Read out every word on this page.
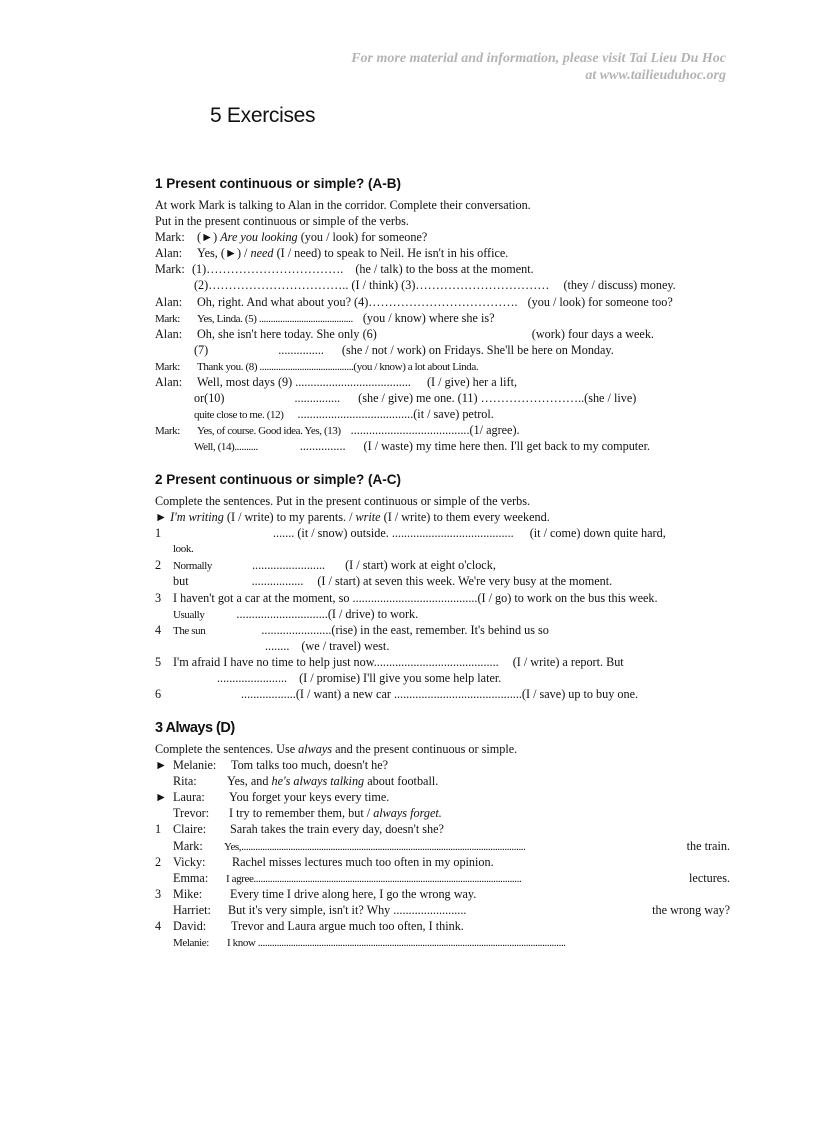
For more material and information, please visit Tai Lieu Du Hoc
at www.tailieuduhoc.org
5 Exercises
1 Present continuous or simple? (A-B)
At work Mark is talking to Alan in the corridor. Complete their conversation.
Put in the present continuous or simple of the verbs.
Mark: (►) Are you looking (you / look) for someone?
Alan: Yes, (►) / need (I / need) to speak to Neil. He isn't in his office.
Mark: (1)……………………………. (he / talk) to the boss at the moment.
(2)…………………………….. (I / think) (3)…………………………… (they / discuss) money.
Alan: Oh, right. And what about you? (4)………………………………. (you / look) for someone too?
Mark: Yes, Linda. (5) ........................................ (you / know) where she is?
Alan: Oh, she isn't here today. She only (6)	(work) four days a week.
(7)	............... (she / not / work) on Fridays. She'll be here on Monday.
Mark: Thank you. (8) ........................................(you / know) a lot about Linda.
Alan: Well, most days (9) ...................................... (I / give) her a lift,
or(10)	............... (she / give) me one. (11) ……………………..(she / live)
quite close to me. (12) ......................................(it / save) petrol.
Mark: Yes, of course. Good idea. Yes, (13) .......................................(1/ agree).
Well, (14)..........	............... (I / waste) my time here then. I'll get back to my computer.
2 Present continuous or simple? (A-C)
Complete the sentences. Put in the present continuous or simple of the verbs.
► I'm writing (I / write) to my parents. / write (I / write) to them every weekend.
1	....... (it / snow) outside. ........................................ (it / come) down quite hard,
look.
2 Normally	........................ (I / start) work at eight o'clock,
but	................. (I / start) at seven this week. We're very busy at the moment.
3 I haven't got a car at the moment, so .........................................(I / go) to work on the bus this week.
Usually	..............................(I / drive) to work.
4 The sun	.......................(rise) in the east, remember. It's behind us so
........ (we / travel) west.
5 I'm afraid I have no time to help just now......................................... (I / write) a report. But
....................... (I / promise) I'll give you some help later.
6	..................(I / want) a new car ..........................................(I / save) up to buy one.
3 Always (D)
Complete the sentences. Use always and the present continuous or simple.
► Melanie: Tom talks too much, doesn't he?
Rita: Yes, and he's always talking about football.
► Laura: You forget your keys every time.
Trevor: I try to remember them, but / always forget.
1 Claire: Sarah takes the train every day, doesn't she?
Mark: Yes,.........................................................................................................................	the train.
2 Vicky: Rachel misses lectures much too often in my opinion.
Emma: I agree..................................................................................................................	lectures.
3 Mike: Every time I drive along here, I go the wrong way.
Harriet: But it's very simple, isn't it? Why ........................	the wrong way?
4 David: Trevor and Laura argue much too often, I think.
Melanie: I know ...................................................................................................................................
